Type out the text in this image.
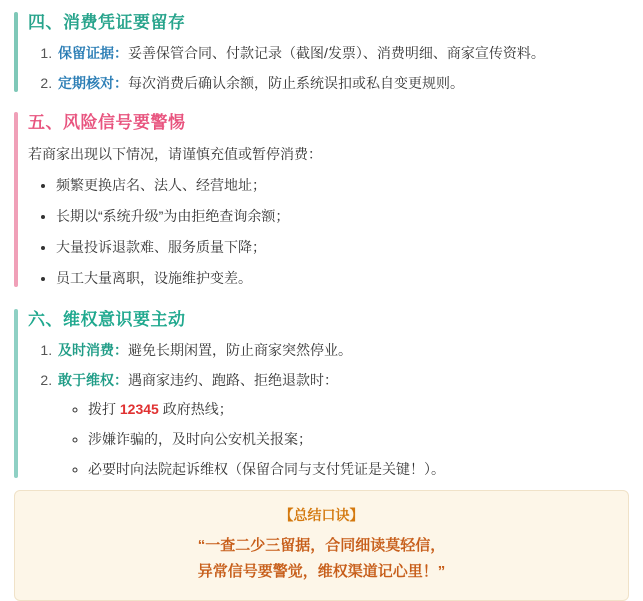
四、消费凭证要留存
1. 保留证据：妥善保管合同、付款记录（截图/发票）、消费明细、商家宣传资料。
2. 定期核对：每次消费后确认余额，防止系统误扣或私自变更规则。
五、风险信号要警惕

若商家出现以下情况，请谨慎充值或暂停消费：

• 频繁更换店名、法人、经营地址；
• 长期以“系统升级”为由拒绝查询余额；
• 大量投诉退款难、服务质量下降；
• 员工大量离职，设施维护变差。
六、维权意识要主动
1. 及时消费：避免长期闲置，防止商家突然停业。
2. 敢于维权：遇商家违约、跑路、拒绝退款时：
◦ 拨打 12345 政府热线；
◦ 涉嫌诈骗的，及时向公安机关报案；
◦ 必要时向法院起诉维权（保留合同与支付凭证是关键！）。
【总结口诀】
“一查二少三留据，合同细读莫轻信，
异常信号要警觉，维权渠道记心里！”
